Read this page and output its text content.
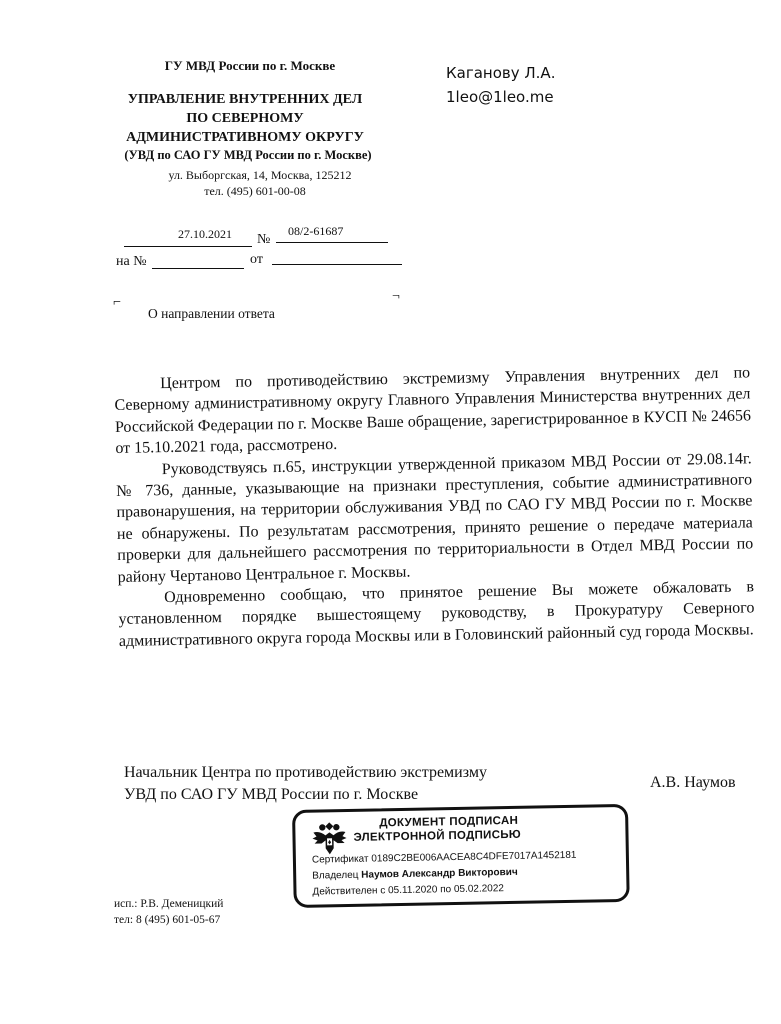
ГУ МВД России по г. Москве
УПРАВЛЕНИЕ ВНУТРЕННИХ ДЕЛ
ПО СЕВЕРНОМУ
АДМИНИСТРАТИВНОМУ ОКРУГУ
(УВД по САО ГУ МВД России по г. Москве)
ул. Выборгская, 14, Москва, 125212
тел. (495) 601-00-08
Каганову Л.А.
1leo@1leo.me
27.10.2021 №
08/2-61687
на №	от
⌐	¬
О направлении ответа

Центром по противодействию экстремизму Управления внутренних дел по Северному административному округу Главного Управления Министерства внутренних дел Российской Федерации по г. Москве Ваше обращение, зарегистрированное в КУСП № 24656 от 15.10.2021 года, рассмотрено.

Руководствуясь п.65, инструкции утвержденной приказом МВД России от 29.08.14г. № 736, данные, указывающие на признаки преступления, событие административного правонарушения, на территории обслуживания УВД по САО ГУ МВД России по г. Москве не обнаружены. По результатам рассмотрения, принято решение о передаче материала проверки для дальнейшего рассмотрения по территориальности в Отдел МВД России по району Чертаново Центральное г. Москвы.

Одновременно сообщаю, что принятое решение Вы можете обжаловать в установленном порядке вышестоящему руководству, в Прокуратуру Северного административного округа города Москвы или в Головинский районный суд города Москвы.

Начальник Центра по противодействию экстремизму
УВД по САО ГУ МВД России по г. Москве
А.В. Наумов
ДОКУМЕНТ ПОДПИСАН
ЭЛЕКТРОННОЙ ПОДПИСЬЮ
Сертификат 0189C2BE006AACEA8C4DFE7017A1452181
Владелец Наумов Александр Викторович
Действителен с 05.11.2020 по 05.02.2022
исп.: Р.В. Деменицкий
тел: 8 (495) 601-05-67
